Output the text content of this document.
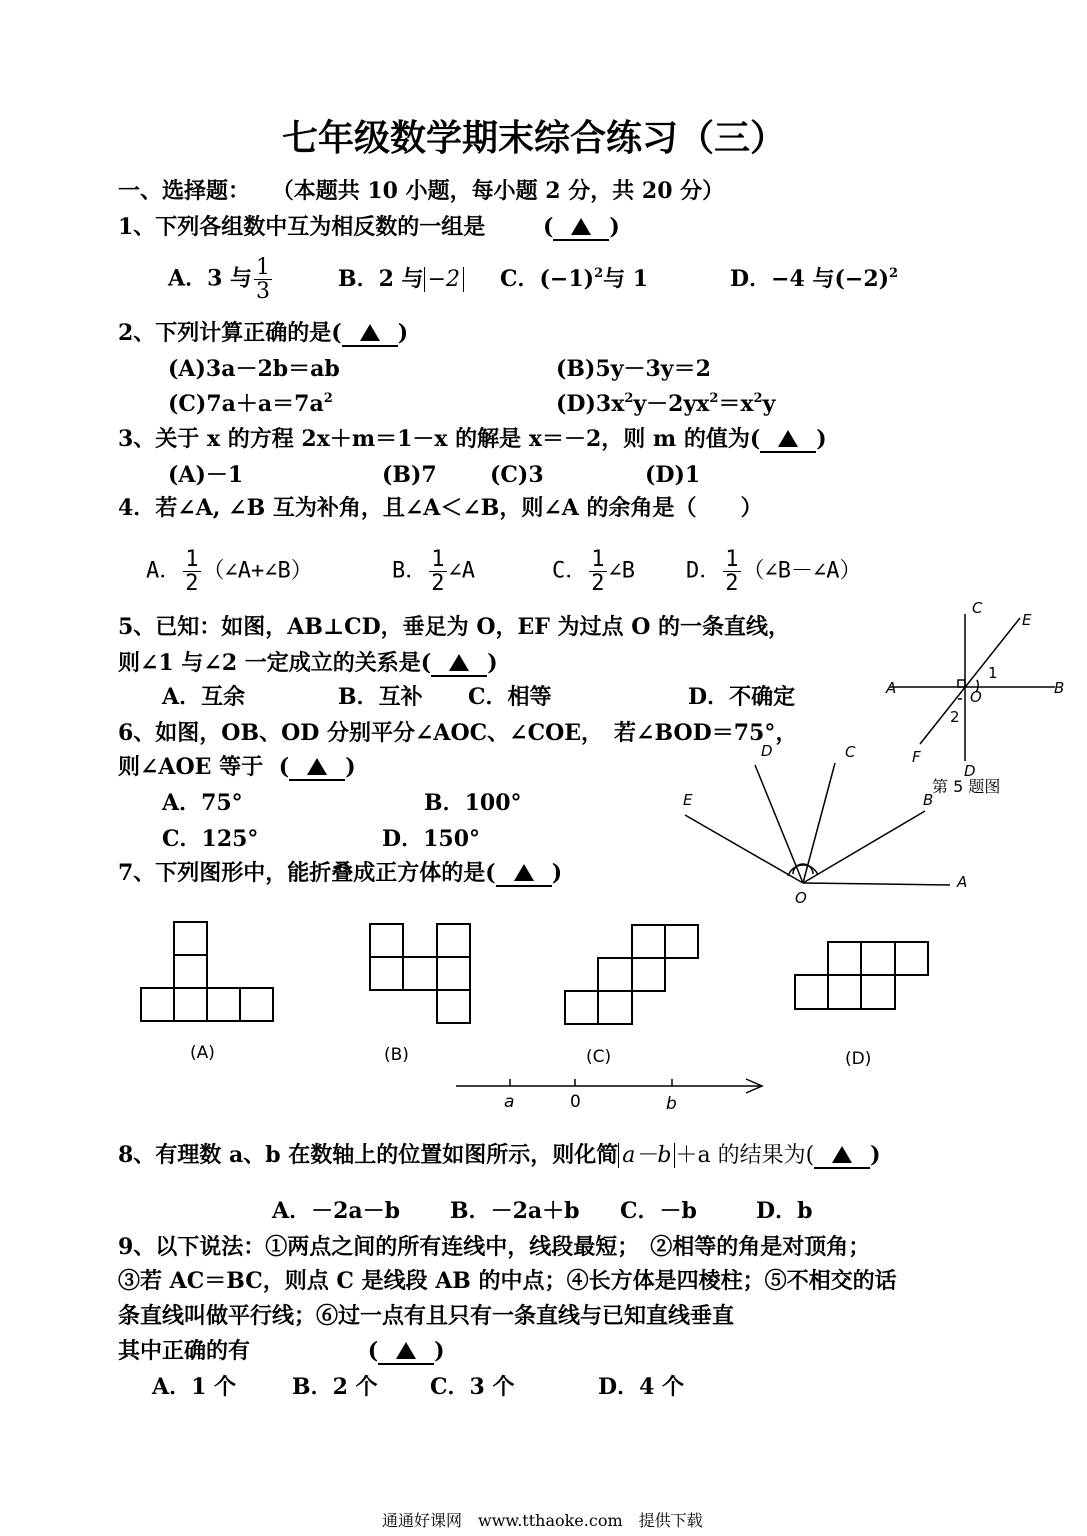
七年级数学期末综合练习（三）
一、选择题： （本题共 10 小题，每小题 2 分，共 20 分）
1、下列各组数中互为相反数的一组是	(	)
A．3 与 $\frac{1}{3}$	B．2 与 −2 C．$(-1)^2$与 1	D．−4 与$(-2)^2$
2、下列计算正确的是(	)
(A)3a－2b＝ab	(B)5y－3y＝2
$(C)7a+a=7a^2$	$(D)3x^2y-2yx^2=x^2y$
3、关于 x 的方程 2x＋m＝1－x 的解是 x＝－2，则 m 的值为(	)
(A)－1	(B)7 (C)3	(D)1
4．若∠A, ∠B 互为补角，且∠A＜∠B，则∠A 的余角是（　　）
A． $\frac{1}{2}$ （∠A+∠B）	B． $\frac{1}{2}$ ∠A	C． $\frac{1}{2}$ ∠B D． $\frac{1}{2}$ （∠B－∠A）
5、已知：如图，AB⊥CD，垂足为 O，EF 为过点 O 的一条直线，
则∠1 与∠2 一定成立的关系是(	)
A．互余	B．互补 C．相等	D．不确定
6、如图，OB、OD 分别平分∠AOC、∠COE，　若∠BOD＝75°，
则∠AOE 等于 (	)
A．75°	B．100°
C．125°	D．150°
7、下列图形中，能折叠成正方体的是(	)
C
E
1
A	O	B
2
F
D
第 5 题图
D	C
E	B
A
O
(A)	(B)	(C)	(D)
a	0	b
8、有理数 a、b 在数轴上的位置如图所示，则化简 a－b ＋a 的结果为(	)
A．－2a－b B．－2a＋b C．－b	D．b
9、以下说法：①两点之间的所有连线中，线段最短；　②相等的角是对顶角；
③若 AC＝BC，则点 C 是线段 AB 的中点；④长方体是四棱柱；⑤不相交的话
条直线叫做平行线；⑥过一点有且只有一条直线与已知直线垂直
其中正确的有	(	)
A．1 个	B．2 个 C．3 个	D．4 个
通通好课网　www.tthaoke.com　提供下载
